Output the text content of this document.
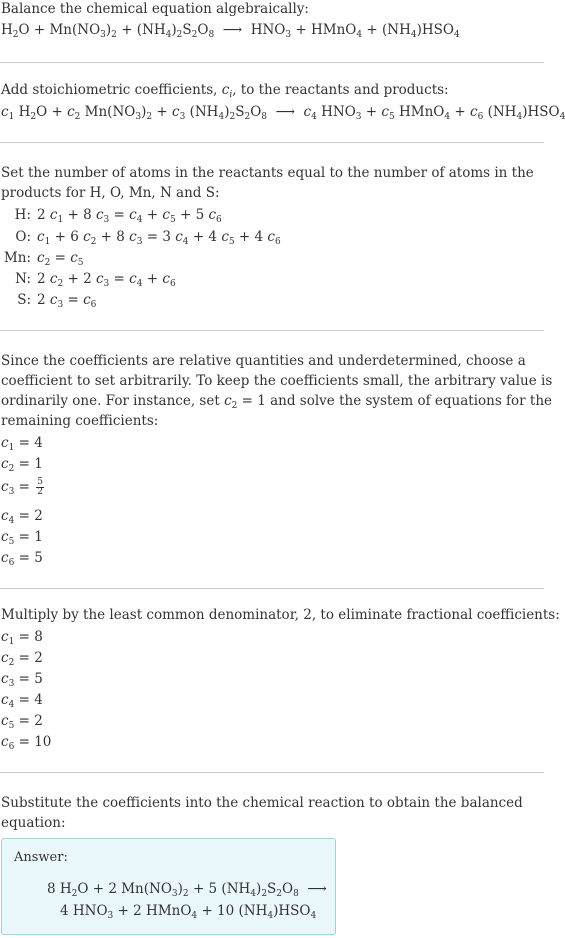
Balance the chemical equation algebraically:
$H_2O + Mn(NO_3)_2 + (NH_4)_2S_2O_8$  ⟶  $HNO_3$ + HMnO$_4$ + $(NH_4)HSO_4$
Add stoichiometric coefficients, $c_i$, to the reactants and products:
$c_1$ $H_2O + c_2$ $Mn(NO_3)_2 + c_3$ $(NH_4)_2S_2O_8$  ⟶  $c_4$ $HNO_3 + c_5$ HMnO$_4$ + $c_6$ $(NH_4)HSO_4$
Set the number of atoms in the reactants equal to the number of atoms in the
products for H, O, Mn, N and S:
H: 2 $c_1 + 8$ $c_3 = c_4 + c_5 + 5$ $c_6$
O: $c_1 + 6$ $c_2 + 8$ $c_3 = 3$ $c_4 + 4$ $c_5 + 4$ $c_6$
Mn: $c_2 = c_5$
N: 2 $c_2 + 2$ $c_3 = c_4 + c_6$
S: 2 $c_3 = c_6$
Since the coefficients are relative quantities and underdetermined, choose a
coefficient to set arbitrarily. To keep the coefficients small, the arbitrary value is
ordinarily one. For instance, set $c_2 = 1$ and solve the system of equations for the
remaining coefficients:
$c_1 = 4$
$c_2 = 1$
$c_3 = \frac{5}{2}$
$c_4 = 2$
$c_5 = 1$
$c_6 = 5$
Multiply by the least common denominator, 2, to eliminate fractional coefficients:
$c_1 = 8$
$c_2 = 2$
$c_3 = 5$
$c_4 = 4$
$c_5 = 2$
$c_6 = 10$
Substitute the coefficients into the chemical reaction to obtain the balanced
equation:
Answer:
8 $H_2O + 2$ $Mn(NO_3)_2 + 5$ $(NH_4)_2S_2O_8$  ⟶
4 $HNO_3 + 2$ HMnO$_4$ + 10 $(NH_4)HSO_4$
